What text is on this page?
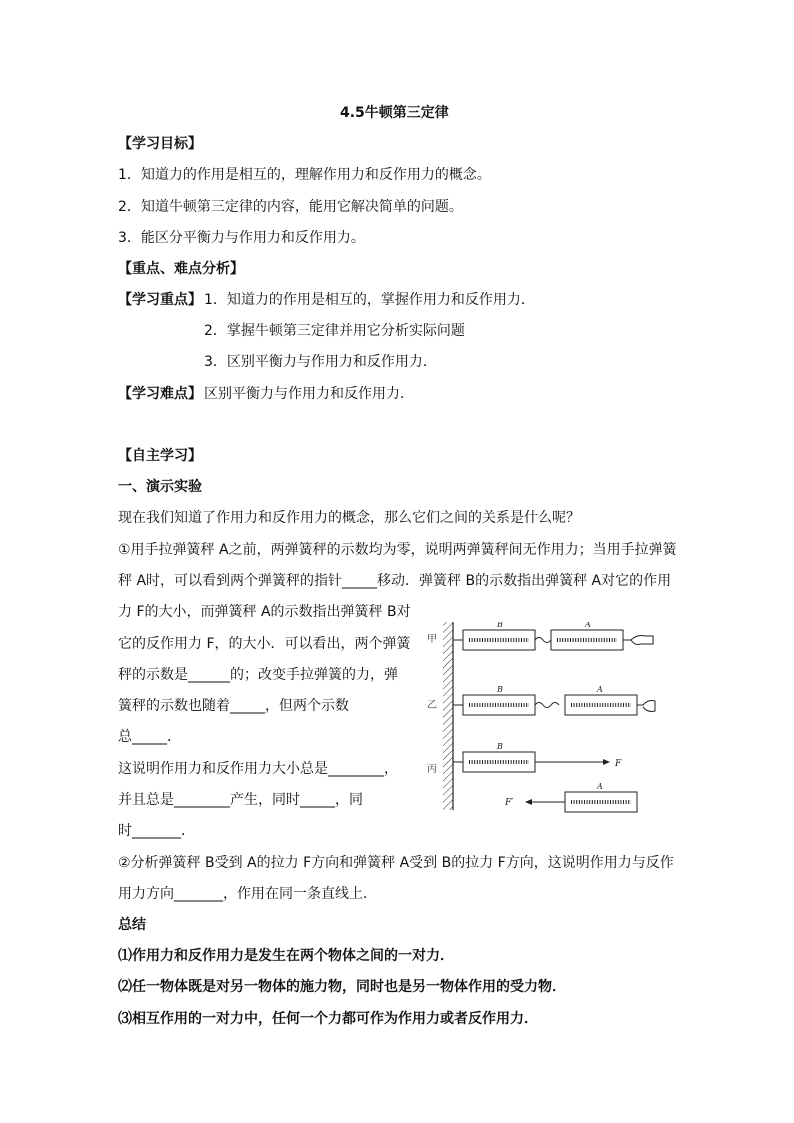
4.5牛顿第三定律
【学习目标】
1．知道力的作用是相互的，理解作用力和反作用力的概念。
2．知道牛顿第三定律的内容，能用它解决简单的问题。
3．能区分平衡力与作用力和反作用力。
【重点、难点分析】
【学习重点】 1．知道力的作用是相互的，掌握作用力和反作用力．
2．掌握牛顿第三定律并用它分析实际问题
3．区别平衡力与作用力和反作用力．
【学习难点】 区别平衡力与作用力和反作用力．
【自主学习】
一、演示实验
现在我们知道了作用力和反作用力的概念，那么它们之间的关系是什么呢？
①用手拉弹簧秤 A之前，两弹簧秤的示数均为零，说明两弹簧秤间无作用力；当用手拉弹簧
秤 A时，可以看到两个弹簧秤的指针_____移动．弹簧秤 B的示数指出弹簧秤 A对它的作用
力 F的大小，而弹簧秤 A的示数指出弹簧秤 B对
它的反作用力 F，的大小．可以看出，两个弹簧
秤的示数是______的；改变手拉弹簧的力，弹
簧秤的示数也随着_____，但两个示数
总_____．
这说明作用力和反作用力大小总是________，
并且总是________产生，同时_____，同
时_______．
②分析弹簧秤 B受到 A的拉力 F方向和弹簧秤 A受到 B的拉力 F方向，这说明作用力与反作
用力方向_______，作用在同一条直线上．
总结
⑴作用力和反作用力是发生在两个物体之间的一对力．
⑵任一物体既是对另一物体的施力物，同时也是另一物体作用的受力物．
⑶相互作用的一对力中，任何一个力都可作为作用力或者反作用力．
甲
乙
丙
B	A
B	A
B
F
F′
A
